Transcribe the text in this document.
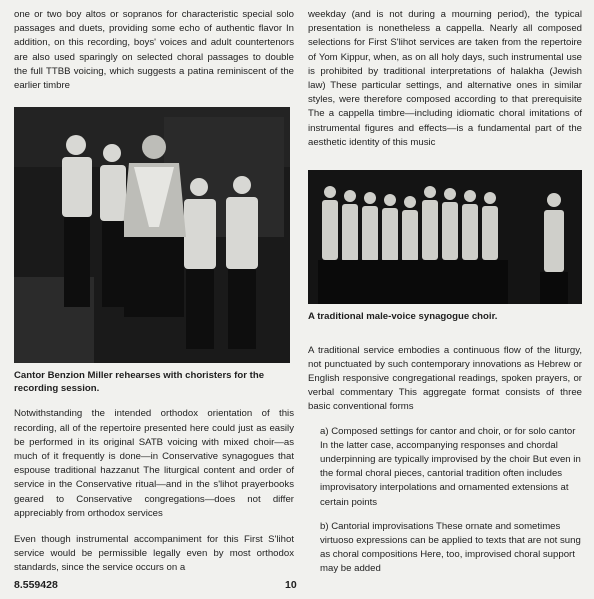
one or two boy altos or sopranos for characteristic special solo passages and duets, providing some echo of authentic flavor In addition, on this recording, boys' voices and adult countertenors are also used sparingly on selected choral passages to double the full TTBB voicing, which suggests a patina reminiscent of the earlier timbre

Cantor Benzion Miller rehearses with choristers for the recording session.

Notwithstanding the intended orthodox orientation of this recording, all of the repertoire presented here could just as easily be performed in its original SATB voicing with mixed choir—as much of it frequently is done—in Conservative synagogues that espouse traditional hazzanut The liturgical content and order of service in the Conservative ritual—and in the s'lihot prayerbooks geared to Conservative congregations—does not differ appreciably from orthodox services

Even though instrumental accompaniment for this First S'lihot service would be permissible legally even by most orthodox standards, since the service occurs on a

weekday (and is not during a mourning period), the typical presentation is nonetheless a cappella. Nearly all composed selections for First S'lihot services are taken from the repertoire of Yom Kippur, when, as on all holy days, such instrumental use is prohibited by traditional interpretations of halakha (Jewish law) These particular settings, and alternative ones in similar styles, were therefore composed according to that prerequisite The a cappella timbre—including idiomatic choral imitations of instrumental figures and effects—is a fundamental part of the aesthetic identity of this music

A traditional male-voice synagogue choir.

A traditional service embodies a continuous flow of the liturgy, not punctuated by such contemporary innovations as Hebrew or English responsive congregational readings, spoken prayers, or verbal commentary This aggregate format consists of three basic conventional forms

a) Composed settings for cantor and choir, or for solo cantor In the latter case, accompanying responses and chordal underpinning are typically improvised by the choir But even in the formal choral pieces, cantorial tradition often includes improvisatory interpolations and ornamented extensions at certain points

b) Cantorial improvisations These ornate and sometimes virtuoso expressions can be applied to texts that are not sung as choral compositions Here, too, improvised choral support may be added

8.559428	10
